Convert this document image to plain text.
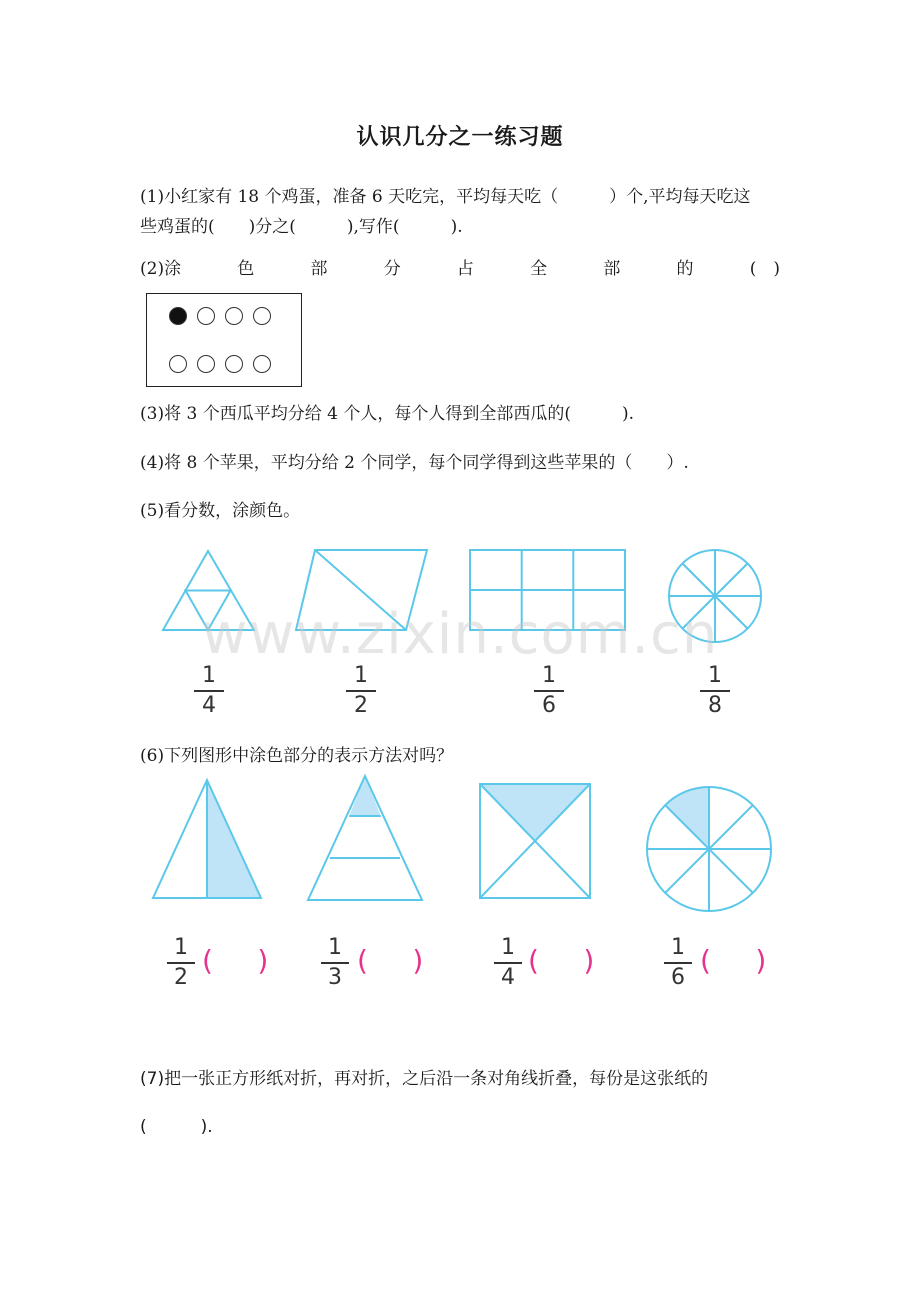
认识几分之一练习题
(1)小红家有 18 个鸡蛋，准备 6 天吃完，平均每天吃（　　　）个,平均每天吃这
些鸡蛋的(　　)分之(　　　),写作(　　　).
(2)涂	色	部	分	占	全	部	的	(　)
(3)将 3 个西瓜平均分给 4 个人，每个人得到全部西瓜的(　　　).
(4)将 8 个苹果，平均分给 2 个同学，每个同学得到这些苹果的（　　）.
(5)看分数，涂颜色。
1
4
1
2
1
6
1
8
(6)下列图形中涂色部分的表示方法对吗？
1
2
(     )	1
3
(     )	1
4
(     )	1
6
(     )
(7)把一张正方形纸对折，再对折，之后沿一条对角线折叠，每份是这张纸的
(          ).
www.zixin.com.cn
